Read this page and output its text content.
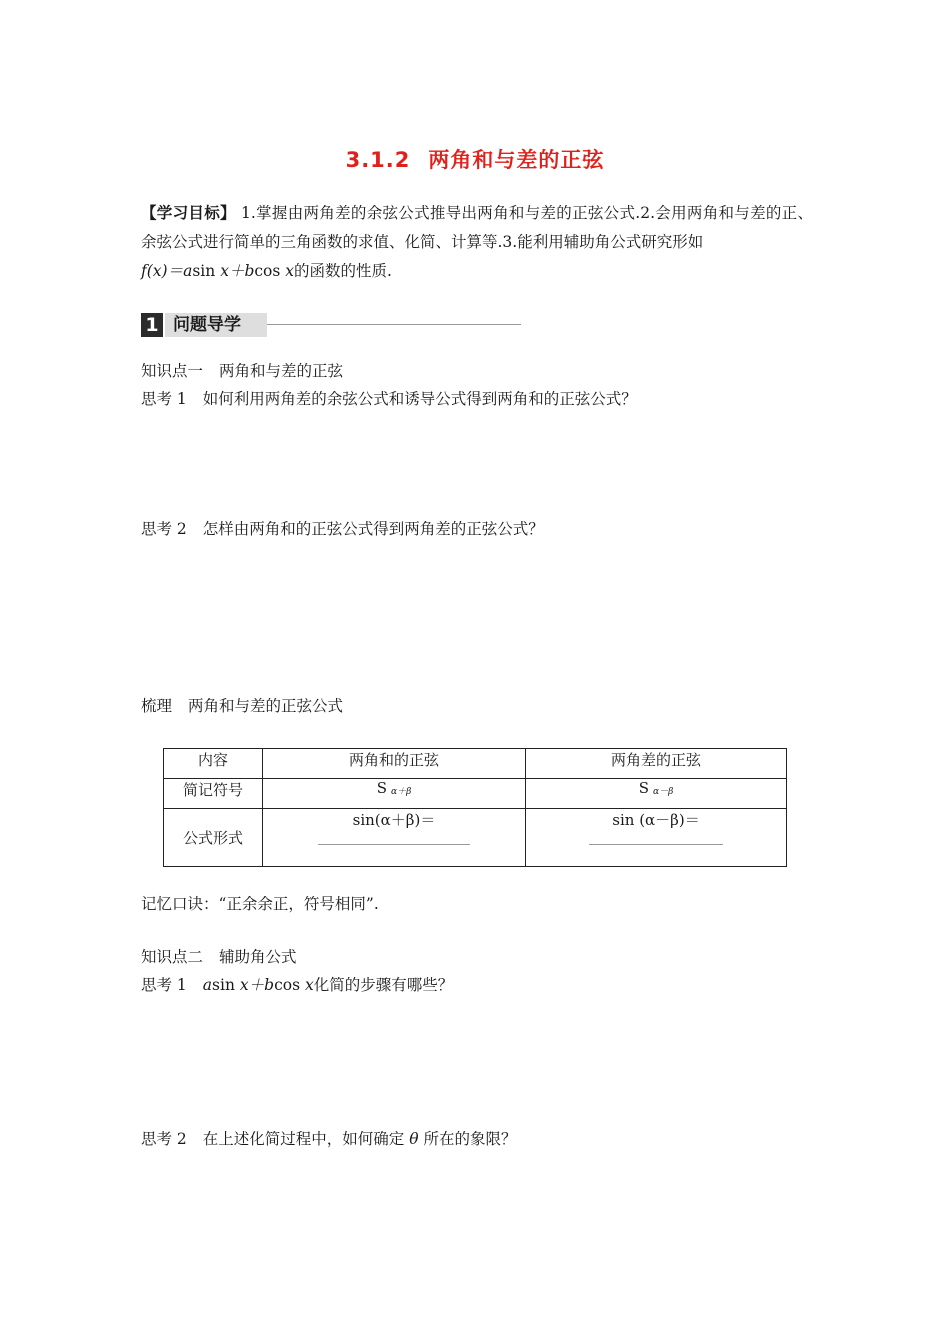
3.1.2 两角和与差的正弦
【学习目标】 1.掌握由两角差的余弦公式推导出两角和与差的正弦公式.2.会用两角和与差的正、余弦公式进行简单的三角函数的求值、化简、计算等.3.能利用辅助角公式研究形如
f(x)＝asin x＋bcos x的函数的性质.
1 问题导学
知识点一 两角和与差的正弦
思考 1 如何利用两角差的余弦公式和诱导公式得到两角和的正弦公式？
思考 2 怎样由两角和的正弦公式得到两角差的正弦公式？
梳理 两角和与差的正弦公式
内容	两角和的正弦	两角差的正弦
简记符号	S α＋β	S α－β
公式形式	sin(α＋β)＝	sin (α－β)＝
记忆口诀：“正余余正，符号相同”.
知识点二 辅助角公式
思考 1 asin x＋bcos x化简的步骤有哪些？
思考 2 在上述化简过程中，如何确定 θ 所在的象限？
